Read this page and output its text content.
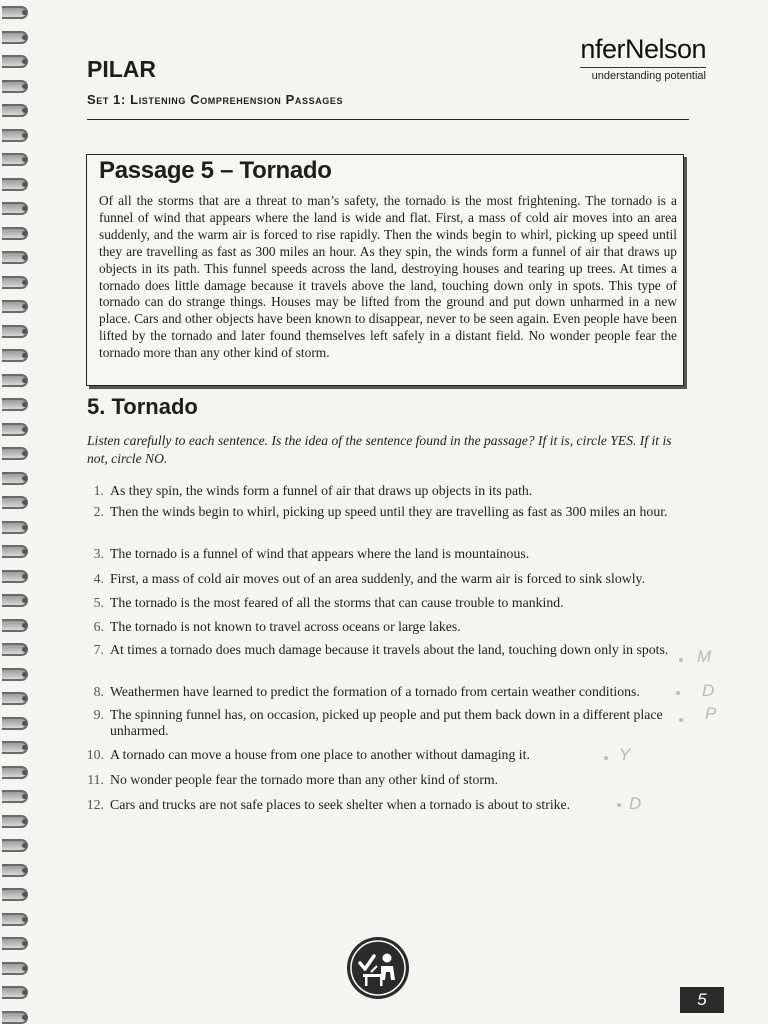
nferNelson
understanding potential
PILAR
Set 1: Listening Comprehension Passages
Passage 5 – Tornado
Of all the storms that are a threat to man’s safety, the tornado is the most frightening. The tornado is a funnel of wind that appears where the land is wide and flat. First, a mass of cold air moves into an area suddenly, and the warm air is forced to rise rapidly. Then the winds begin to whirl, picking up speed until they are travelling as fast as 300 miles an hour. As they spin, the winds form a funnel of air that draws up objects in its path. This funnel speeds across the land, destroying houses and tearing up trees. At times a tornado does little damage because it travels above the land, touching down only in spots. This type of tornado can do strange things. Houses may be lifted from the ground and put down unharmed in a new place. Cars and other objects have been known to disappear, never to be seen again. Even people have been lifted by the tornado and later found themselves left safely in a distant field. No wonder people fear the tornado more than any other kind of storm.
5. Tornado
Listen carefully to each sentence. Is the idea of the sentence found in the passage? If it is, circle YES. If it is not, circle NO.
1. As they spin, the winds form a funnel of air that draws up objects in its path.
2. Then the winds begin to whirl, picking up speed until they are travelling as fast as 300 miles an hour.
3. The tornado is a funnel of wind that appears where the land is mountainous.
4. First, a mass of cold air moves out of an area suddenly, and the warm air is forced to sink slowly.
5. The tornado is the most feared of all the storms that can cause trouble to mankind.
6. The tornado is not known to travel across oceans or large lakes.
7. At times a tornado does much damage because it travels about the land, touching down only in spots.
8. Weathermen have learned to predict the formation of a tornado from certain weather conditions.
9. The spinning funnel has, on occasion, picked up people and put them back down in a different place unharmed.
10. A tornado can move a house from one place to another without damaging it.
11. No wonder people fear the tornado more than any other kind of storm.
12. Cars and trucks are not safe places to seek shelter when a tornado is about to strike.
M
D
P
Y
D
5
